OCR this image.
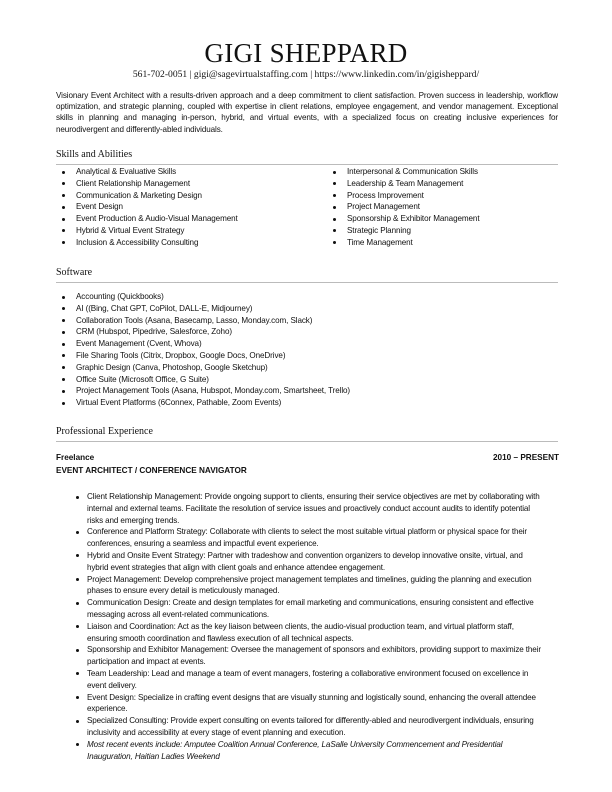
GIGI SHEPPARD
561-702-0051 | gigi@sagevirtualstaffing.com | https://www.linkedin.com/in/gigisheppard/
Visionary Event Architect with a results-driven approach and a deep commitment to client satisfaction. Proven success in leadership, workflow optimization, and strategic planning, coupled with expertise in client relations, employee engagement, and vendor management. Exceptional skills in planning and managing in-person, hybrid, and virtual events, with a specialized focus on creating inclusive experiences for neurodivergent and differently-abled individuals.
Skills and Abilities
Analytical & Evaluative Skills
Client Relationship Management
Communication & Marketing Design
Event Design
Event Production & Audio-Visual Management
Hybrid & Virtual Event Strategy
Inclusion & Accessibility Consulting
Interpersonal & Communication Skills
Leadership & Team Management
Process Improvement
Project Management
Sponsorship & Exhibitor Management
Strategic Planning
Time Management
Software
Accounting (Quickbooks)
AI ((Bing, Chat GPT, CoPilot, DALL-E, Midjourney)
Collaboration Tools (Asana, Basecamp, Lasso, Monday.com, Slack)
CRM (Hubspot, Pipedrive, Salesforce, Zoho)
Event Management (Cvent, Whova)
File Sharing Tools (Citrix, Dropbox, Google Docs, OneDrive)
Graphic Design (Canva, Photoshop, Google Sketchup)
Office Suite (Microsoft Office, G Suite)
Project Management Tools (Asana, Hubspot, Monday.com, Smartsheet, Trello)
Virtual Event Platforms (6Connex, Pathable, Zoom Events)
Professional Experience
Freelance	2010 – PRESENT
EVENT ARCHITECT / CONFERENCE NAVIGATOR
Client Relationship Management: Provide ongoing support to clients, ensuring their service objectives are met by collaborating with internal and external teams. Facilitate the resolution of service issues and proactively conduct account audits to identify potential risks and emerging trends.
Conference and Platform Strategy: Collaborate with clients to select the most suitable virtual platform or physical space for their conferences, ensuring a seamless and impactful event experience.
Hybrid and Onsite Event Strategy: Partner with tradeshow and convention organizers to develop innovative onsite, virtual, and hybrid event strategies that align with client goals and enhance attendee engagement.
Project Management: Develop comprehensive project management templates and timelines, guiding the planning and execution phases to ensure every detail is meticulously managed.
Communication Design: Create and design templates for email marketing and communications, ensuring consistent and effective messaging across all event-related communications.
Liaison and Coordination: Act as the key liaison between clients, the audio-visual production team, and virtual platform staff, ensuring smooth coordination and flawless execution of all technical aspects.
Sponsorship and Exhibitor Management: Oversee the management of sponsors and exhibitors, providing support to maximize their participation and impact at events.
Team Leadership: Lead and manage a team of event managers, fostering a collaborative environment focused on excellence in event delivery.
Event Design: Specialize in crafting event designs that are visually stunning and logistically sound, enhancing the overall attendee experience.
Specialized Consulting: Provide expert consulting on events tailored for differently-abled and neurodivergent individuals, ensuring inclusivity and accessibility at every stage of event planning and execution.
Most recent events include: Amputee Coalition Annual Conference, LaSalle University Commencement and Presidential Inauguration, Haitian Ladies Weekend
